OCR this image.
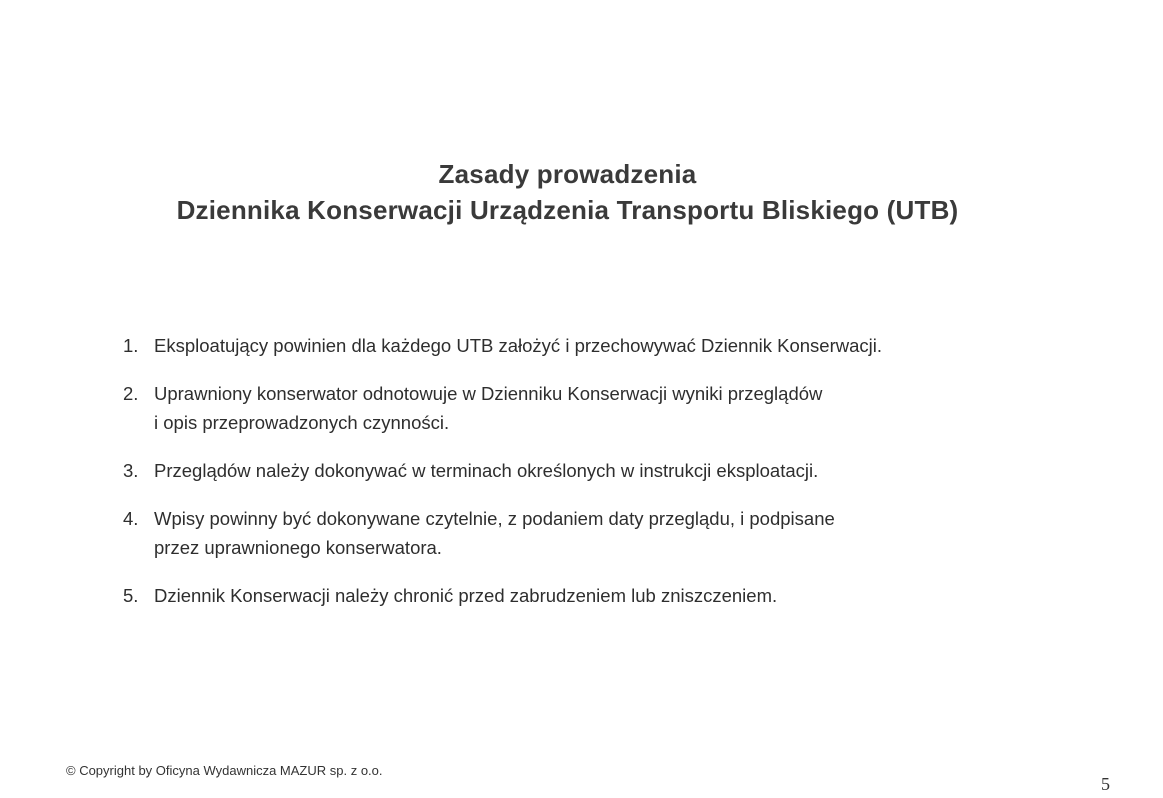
Zasady prowadzenia
Dziennika Konserwacji Urządzenia Transportu Bliskiego (UTB)
1. Eksploatujący powinien dla każdego UTB założyć i przechowywać Dziennik Konserwacji.
2. Uprawniony konserwator odnotowuje w Dzienniku Konserwacji wyniki przeglądów
i opis przeprowadzonych czynności.
3. Przeglądów należy dokonywać w terminach określonych w instrukcji eksploatacji.
4. Wpisy powinny być dokonywane czytelnie, z podaniem daty przeglądu, i podpisane
przez uprawnionego konserwatora.
5. Dziennik Konserwacji należy chronić przed zabrudzeniem lub zniszczeniem.
© Copyright by Oficyna Wydawnicza MAZUR sp. z o.o.
5
